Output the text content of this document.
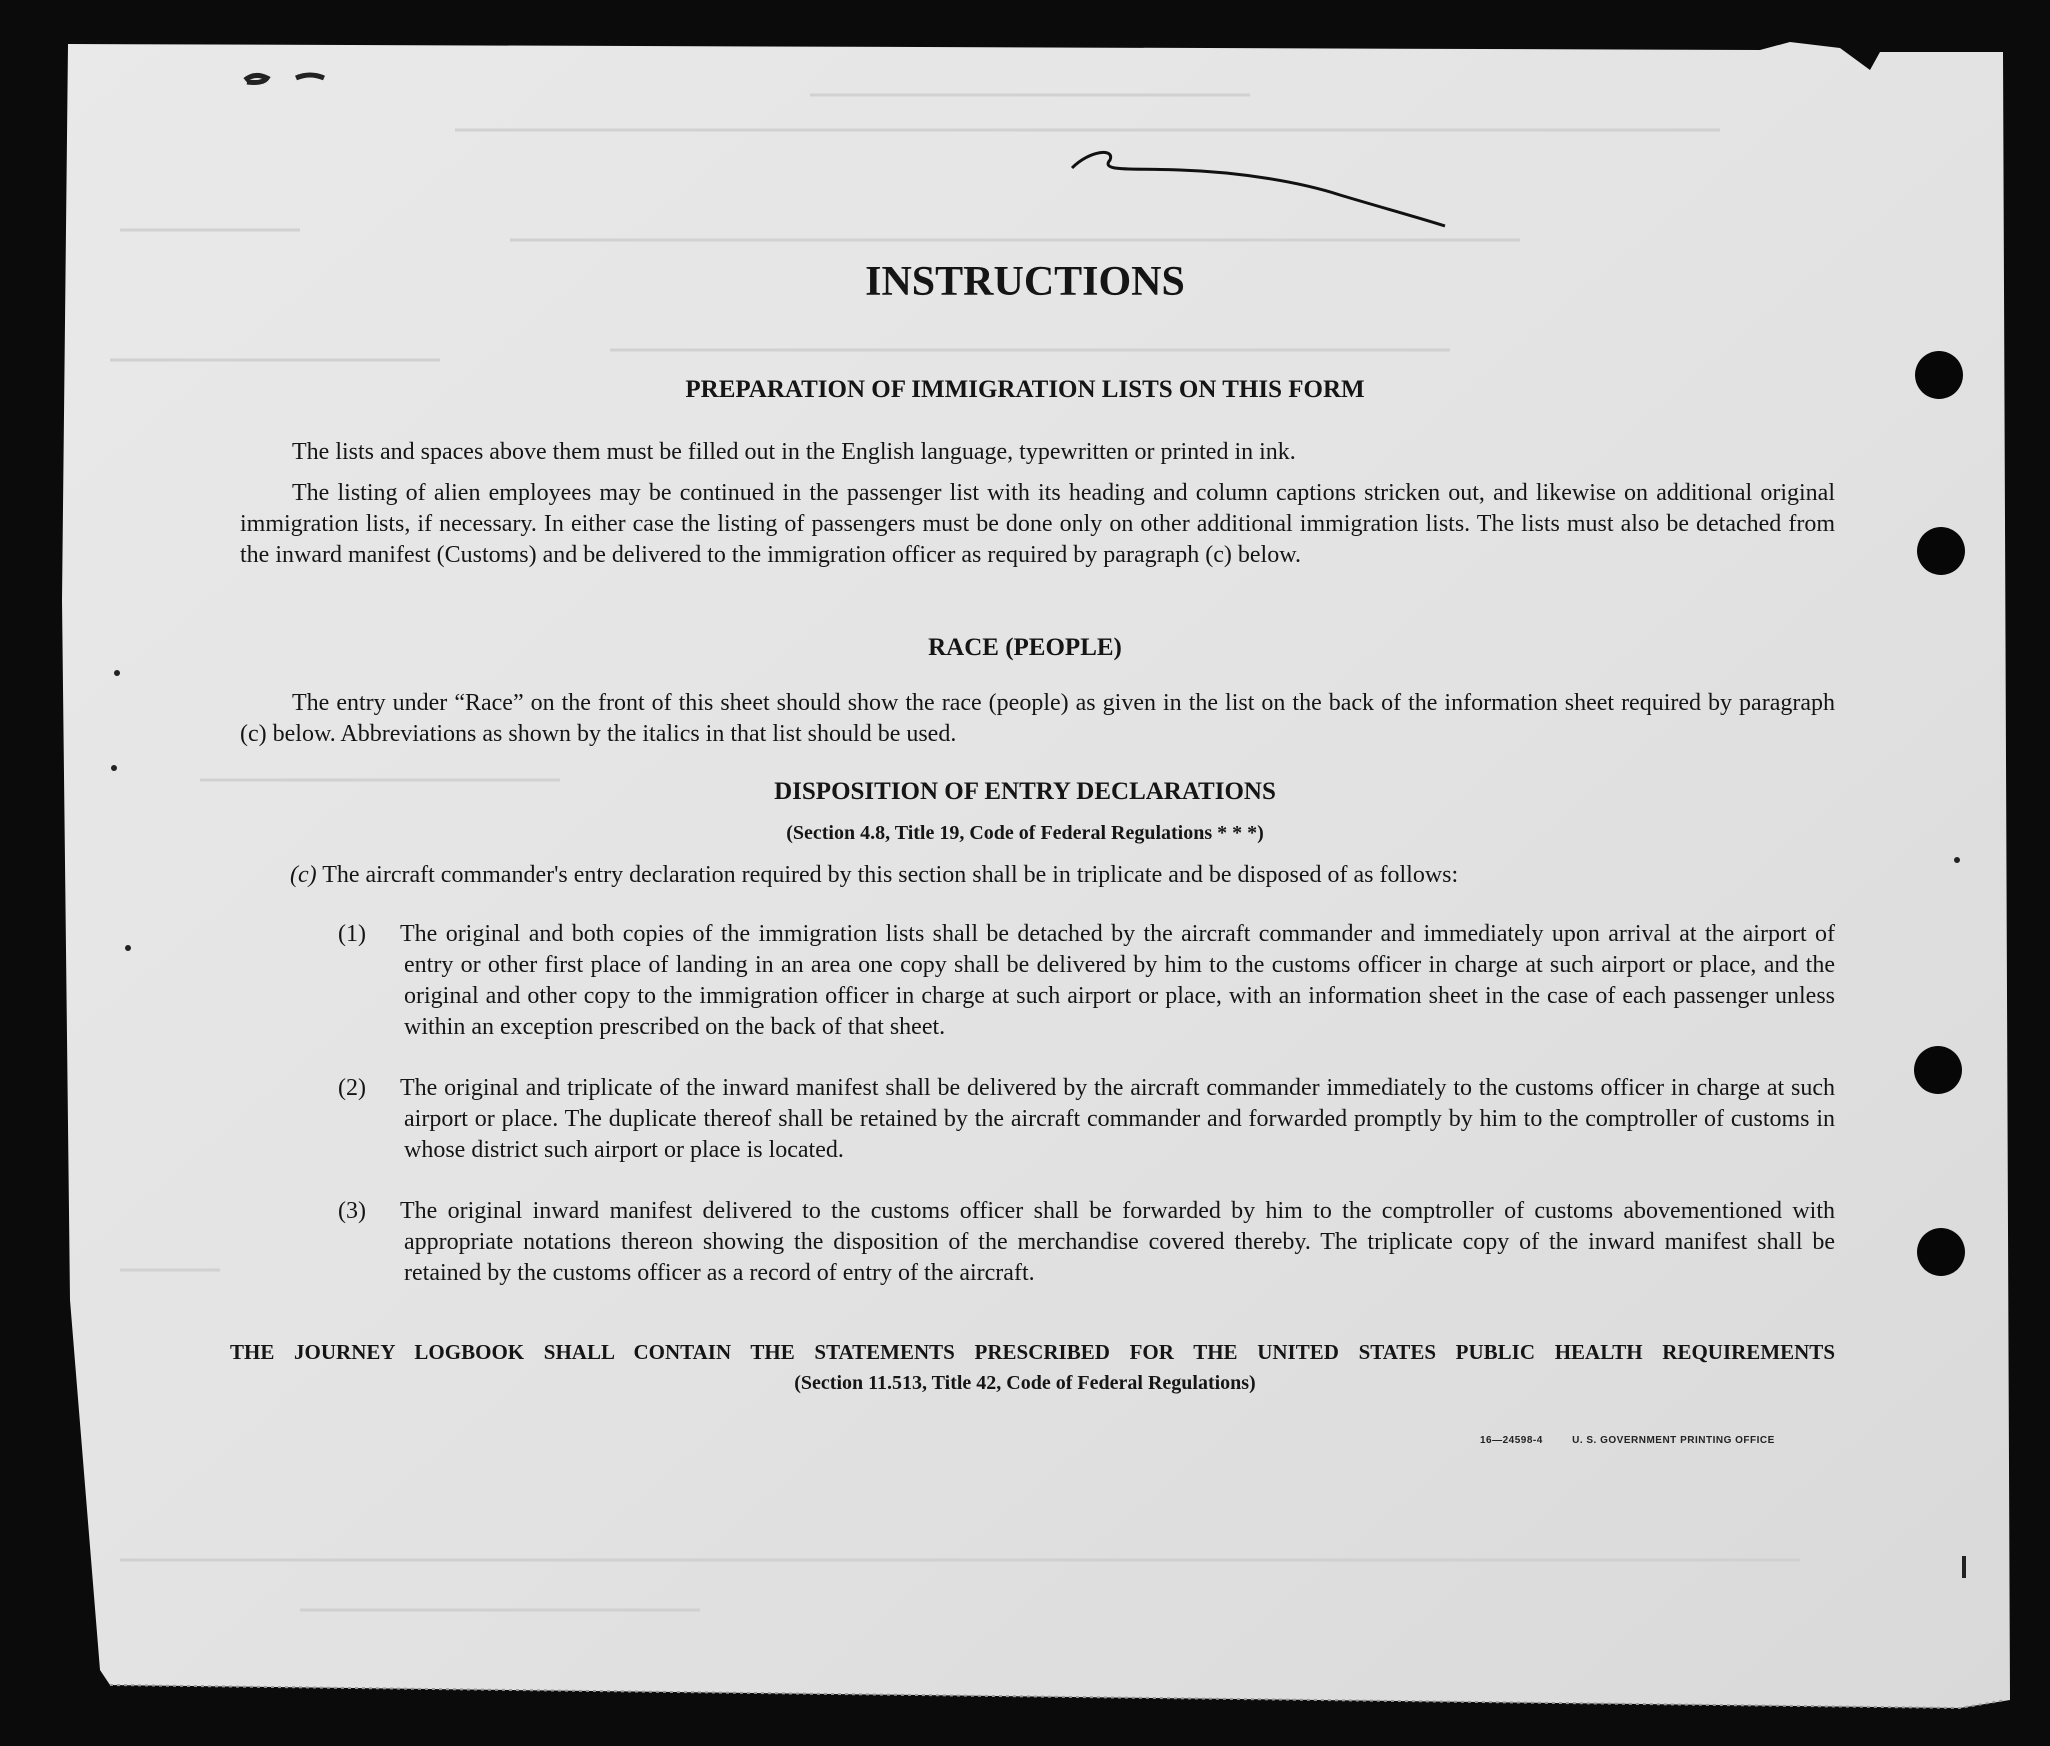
INSTRUCTIONS
PREPARATION OF IMMIGRATION LISTS ON THIS FORM
The lists and spaces above them must be filled out in the English language, typewritten or printed in ink.
The listing of alien employees may be continued in the passenger list with its heading and column captions stricken out, and likewise on additional original immigration lists, if necessary. In either case the listing of passengers must be done only on other additional immigration lists. The lists must also be detached from the inward manifest (Customs) and be delivered to the immigration officer as required by paragraph (c) below.
RACE (PEOPLE)
The entry under “Race” on the front of this sheet should show the race (people) as given in the list on the back of the information sheet required by paragraph (c) below. Abbreviations as shown by the italics in that list should be used.
DISPOSITION OF ENTRY DECLARATIONS
(Section 4.8, Title 19, Code of Federal Regulations * * *)
(c) The aircraft commander's entry declaration required by this section shall be in triplicate and be disposed of as follows:
(1)	The original and both copies of the immigration lists shall be detached by the aircraft commander and immediately upon arrival at the airport of entry or other first place of landing in an area one copy shall be delivered by him to the customs officer in charge at such airport or place, and the original and other copy to the immigration officer in charge at such airport or place, with an information sheet in the case of each passenger unless within an exception prescribed on the back of that sheet.
(2)	The original and triplicate of the inward manifest shall be delivered by the aircraft commander immediately to the customs officer in charge at such airport or place. The duplicate thereof shall be retained by the aircraft commander and forwarded promptly by him to the comptroller of customs in whose district such airport or place is located.
(3)	The original inward manifest delivered to the customs officer shall be forwarded by him to the comptroller of customs abovementioned with appropriate notations thereon showing the disposition of the merchandise covered thereby. The triplicate copy of the inward manifest shall be retained by the customs officer as a record of entry of the aircraft.
THE JOURNEY LOGBOOK SHALL CONTAIN THE STATEMENTS PRESCRIBED FOR THE UNITED STATES PUBLIC HEALTH REQUIREMENTS
(Section 11.513, Title 42, Code of Federal Regulations)
16—24598-4	U. S. GOVERNMENT PRINTING OFFICE
